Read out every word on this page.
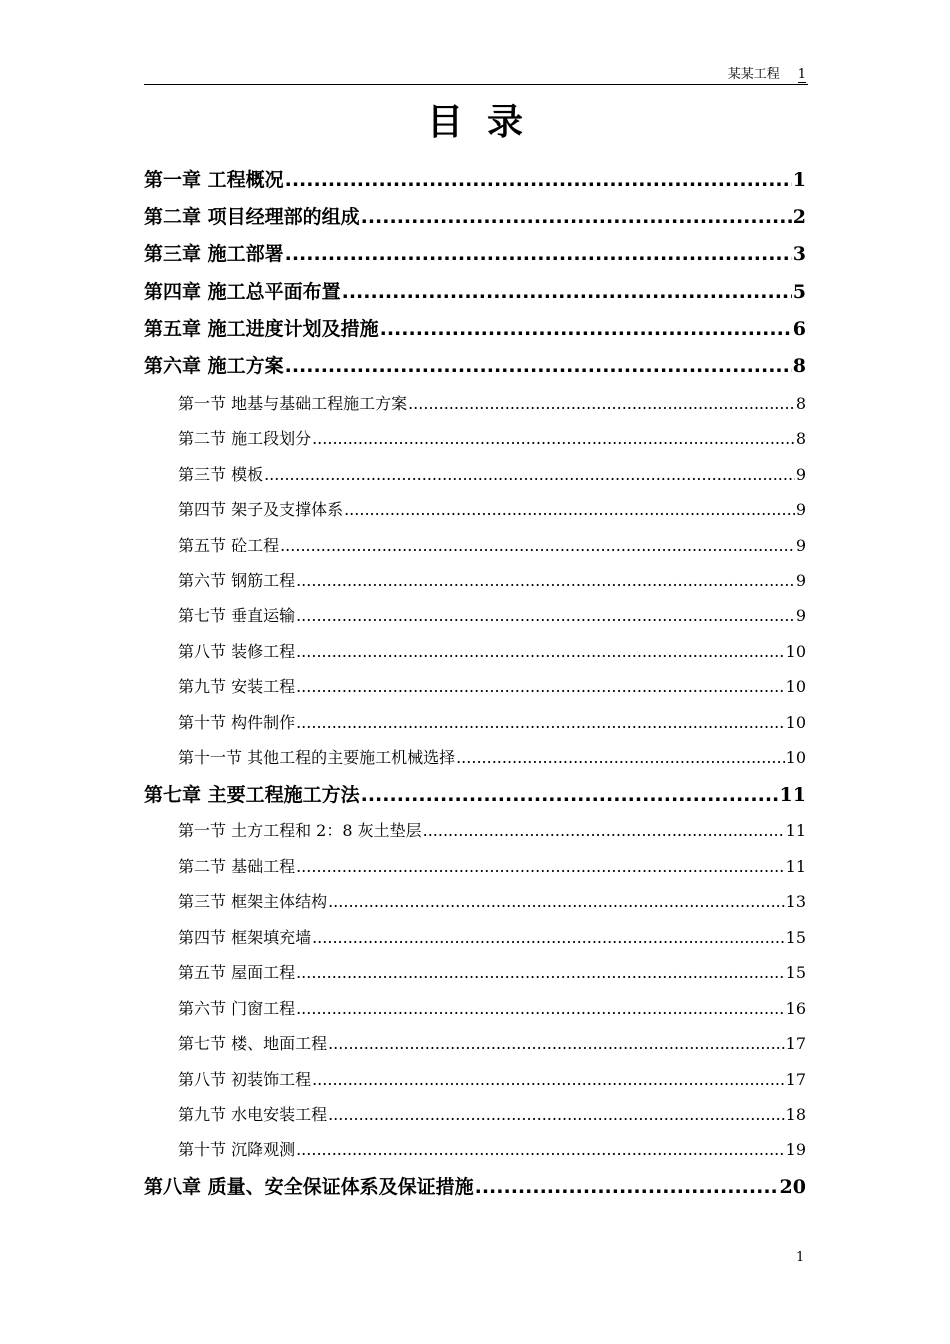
某某工程 1
目录
第一章 工程概况 .....	1
第二章 项目经理部的组成 .....	2
第三章 施工部署 .....	3
第四章 施工总平面布置 .....	5
第五章 施工进度计划及措施 .....	6
第六章 施工方案 .....	8
第一节 地基与基础工程施工方案 .....	8
第二节 施工段划分 .....	8
第三节 模板 .....	9
第四节 架子及支撑体系 .....	9
第五节 砼工程 .....	9
第六节 钢筋工程 .....	9
第七节 垂直运输 .....	9
第八节 装修工程 .....	10
第九节 安装工程 .....	10
第十节 构件制作 .....	10
第十一节 其他工程的主要施工机械选择 .....	10
第七章 主要工程施工方法 .....	11
第一节 土方工程和 2：8 灰土垫层 .....	11
第二节 基础工程 .....	11
第三节 框架主体结构 .....	13
第四节 框架填充墙 .....	15
第五节 屋面工程 .....	15
第六节 门窗工程 .....	16
第七节 楼、地面工程 .....	17
第八节 初装饰工程 .....	17
第九节 水电安装工程 .....	18
第十节 沉降观测 .....	19
第八章 质量、安全保证体系及保证措施 .....	20
1
